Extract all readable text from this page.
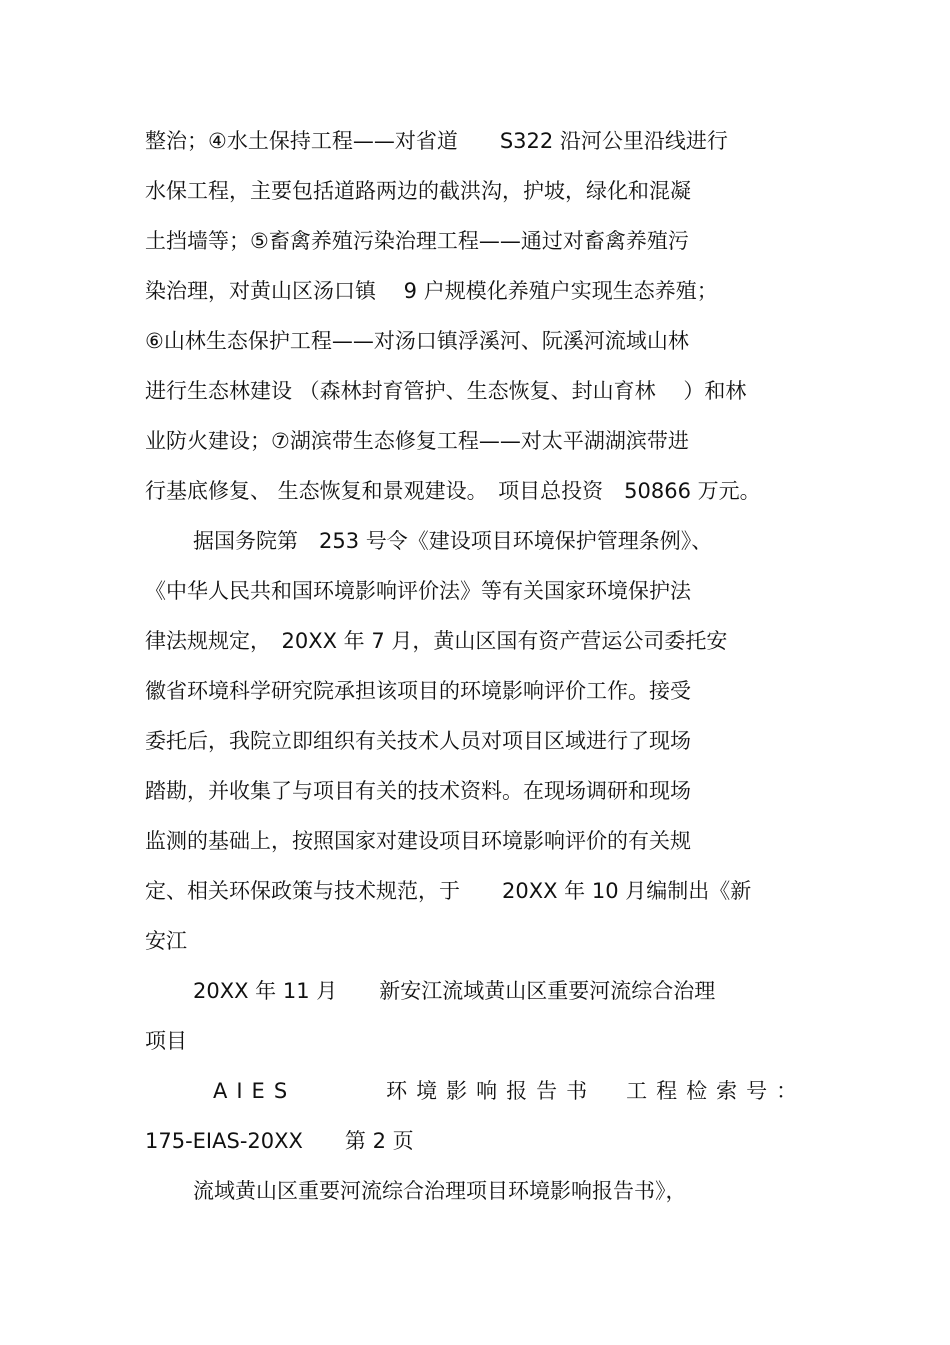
整治；④水土保持工程——对省道　　S322 沿河公里沿线进行
水保工程，主要包括道路两边的截洪沟，护坡，绿化和混凝
土挡墙等；⑤畜禽养殖污染治理工程——通过对畜禽养殖污
染治理，对黄山区汤口镇　 9 户规模化养殖户实现生态养殖；
⑥山林生态保护工程——对汤口镇浮溪河、阮溪河流域山林
进行生态林建设 （森林封育管护、生态恢复、封山育林　 ）和林
业防火建设；⑦湖滨带生态修复工程——对太平湖湖滨带进
行基底修复、 生态恢复和景观建设。　项目总投资　50866 万元。
据国务院第　253 号令《建设项目环境保护管理条例》、
《中华人民共和国环境影响评价法》等有关国家环境保护法
律法规规定，　20XX 年 7 月，黄山区国有资产营运公司委托安
徽省环境科学研究院承担该项目的环境影响评价工作。接受
委托后，我院立即组织有关技术人员对项目区域进行了现场
踏勘，并收集了与项目有关的技术资料。在现场调研和现场
监测的基础上，按照国家对建设项目环境影响评价的有关规
定、相关环保政策与技术规范，于　　20XX 年 10 月编制出《新
安江
20XX 年 11 月　　新安江流域黄山区重要河流综合治理
项目
AIES　　　环境影响报告书　工程检索号：
175-EIAS-20XX　　第 2 页
流域黄山区重要河流综合治理项目环境影响报告书》，
